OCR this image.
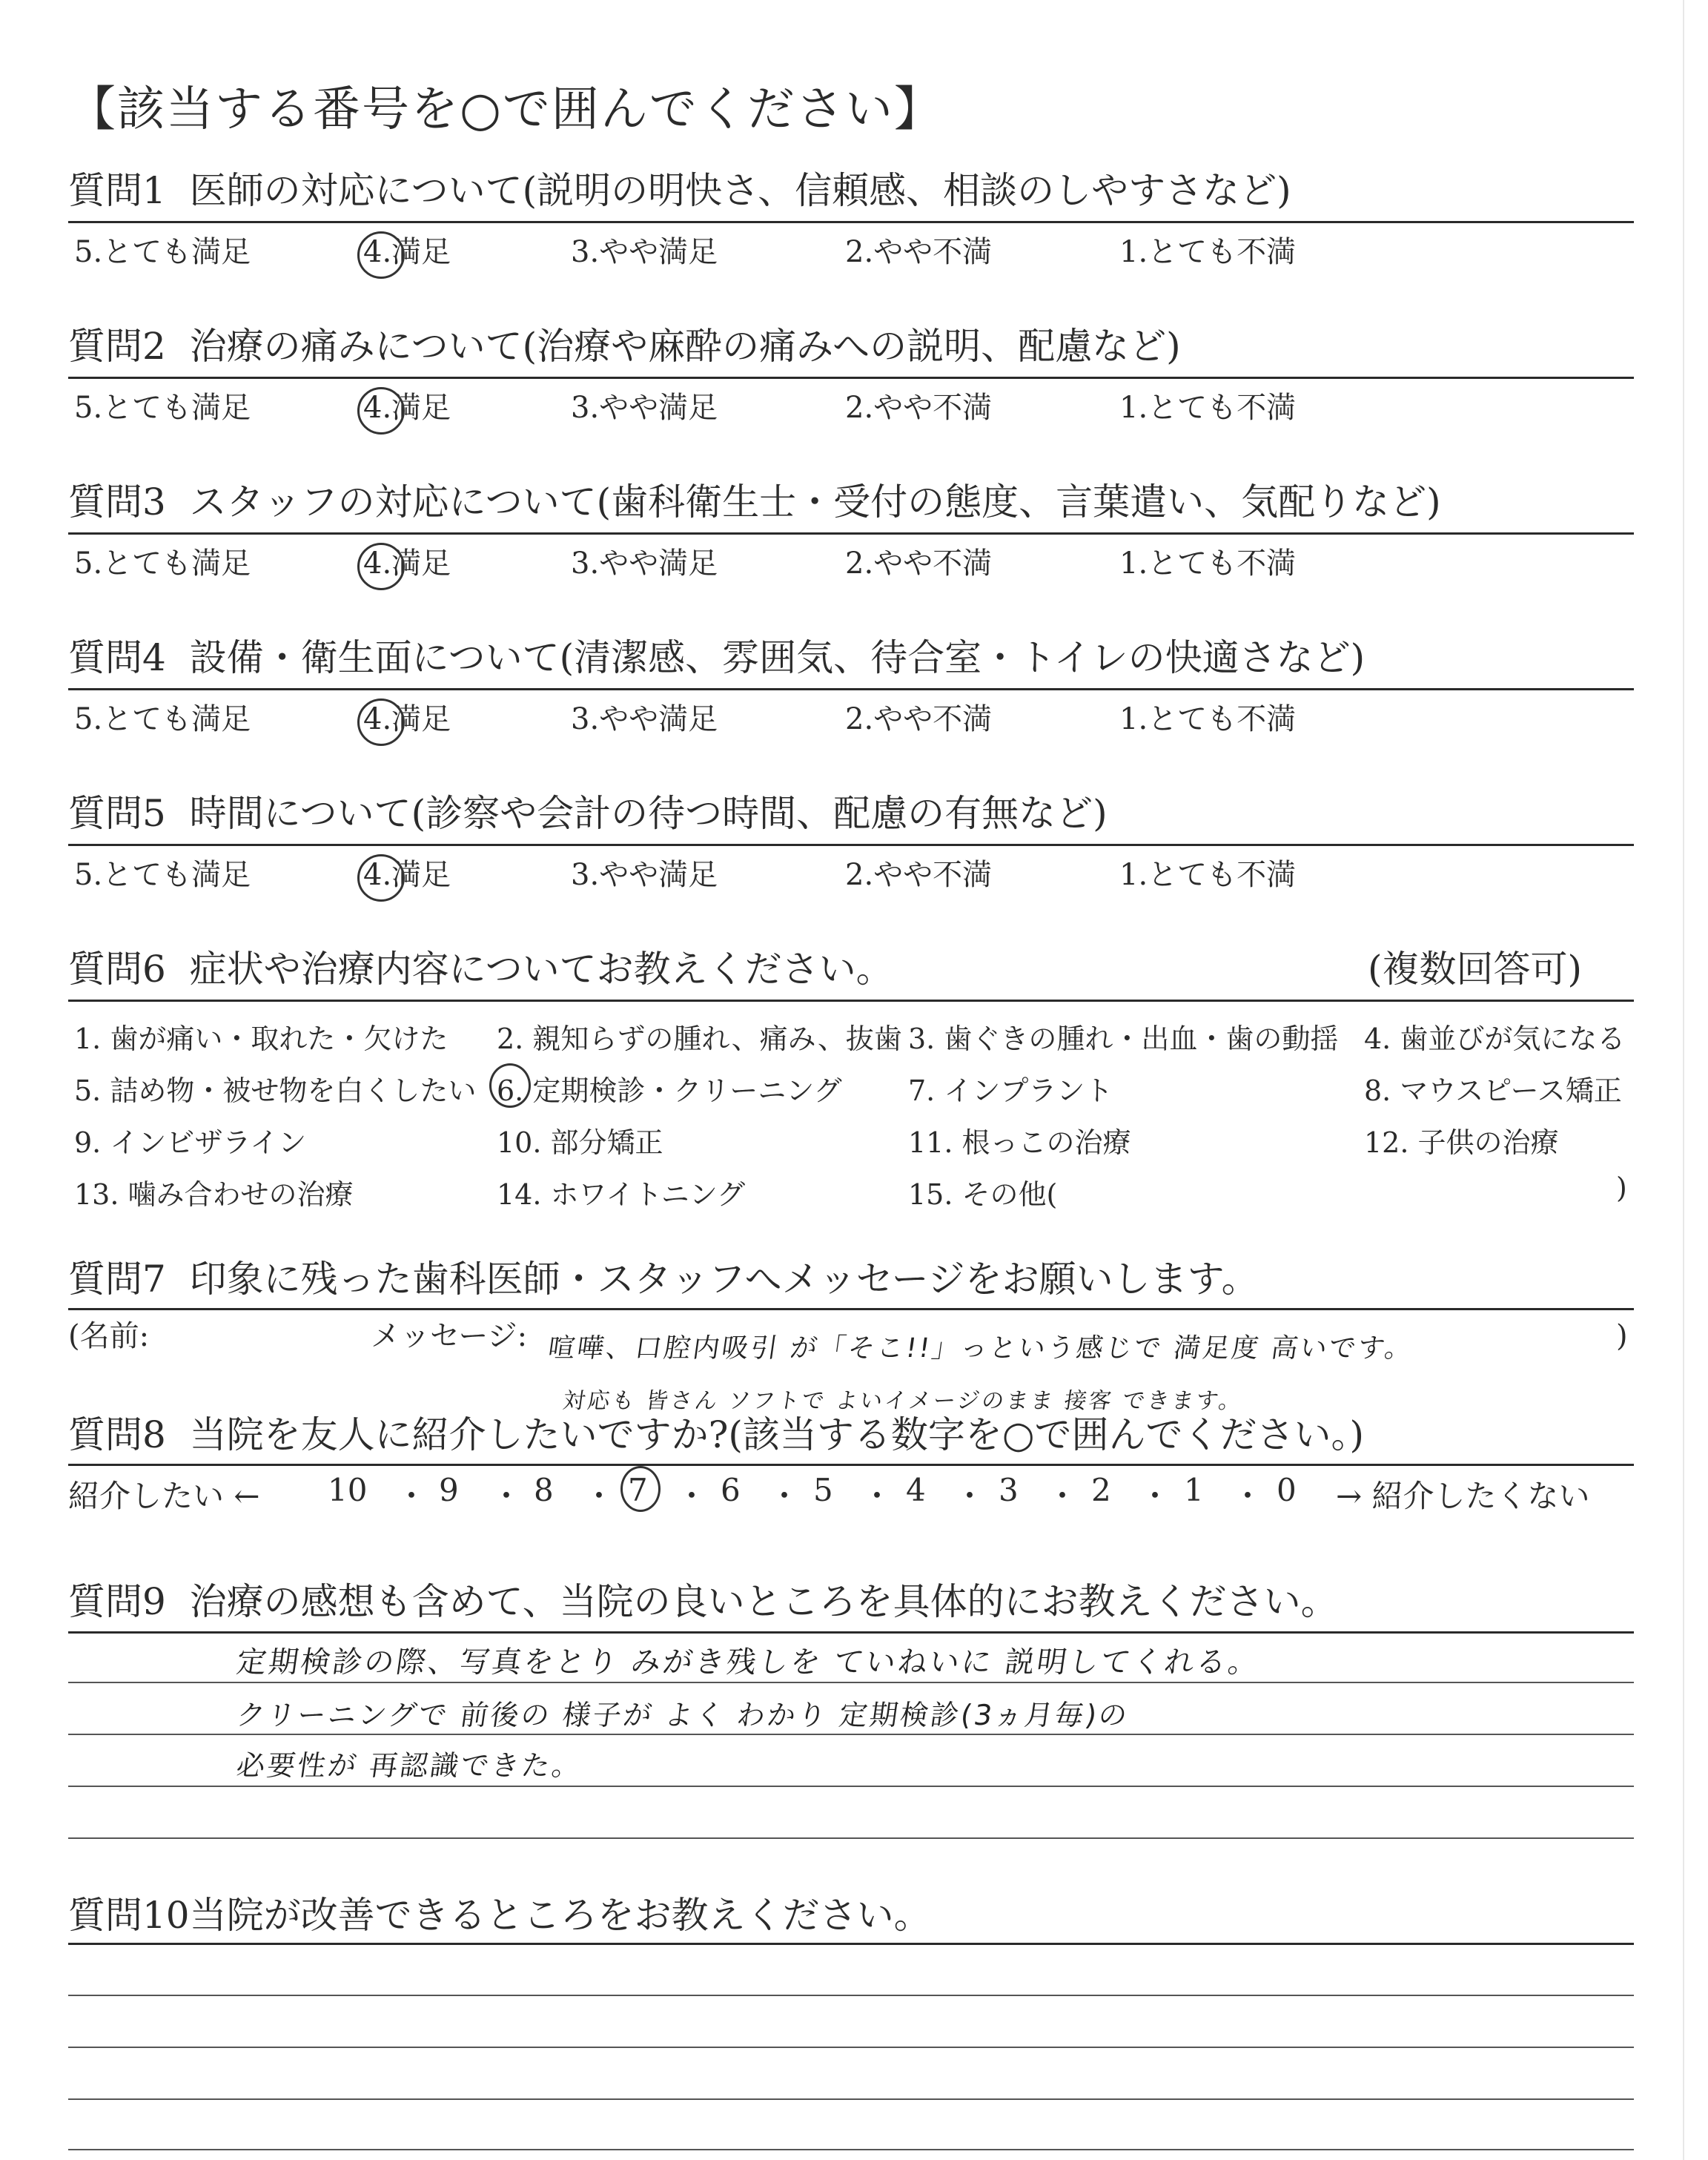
【該当する番号を○で囲んでください】
質問1 医師の対応について(説明の明快さ、信頼感、相談のしやすさなど)
5.とても満足	4.満足	3.やや満足	2.やや不満	1.とても不満
質問2 治療の痛みについて(治療や麻酔の痛みへの説明、配慮など)
5.とても満足	4.満足	3.やや満足	2.やや不満	1.とても不満
質問3 スタッフの対応について(歯科衛生士・受付の態度、言葉遣い、気配りなど)
5.とても満足	4.満足	3.やや満足	2.やや不満	1.とても不満
質問4 設備・衛生面について(清潔感、雰囲気、待合室・トイレの快適さなど)
5.とても満足	4.満足	3.やや満足	2.やや不満	1.とても不満
質問5 時間について(診察や会計の待つ時間、配慮の有無など)
5.とても満足	4.満足	3.やや満足	2.やや不満	1.とても不満
質問6 症状や治療内容についてお教えください。	(複数回答可)
1. 歯が痛い・取れた・欠けた 2. 親知らずの腫れ、痛み、抜歯 3. 歯ぐきの腫れ・出血・歯の動揺 4. 歯並びが気になる
5. 詰め物・被せ物を白くしたい 6. 定期検診・クリーニング 7. インプラント	8. マウスピース矯正
9. インビザライン	10. 部分矯正	11. 根っこの治療	12. 子供の治療
13. 噛み合わせの治療	14. ホワイトニング	15. その他(	)
質問7 印象に残った歯科医師・スタッフへメッセージをお願いします。
(名前:	メッセージ:	)
喧嘩、口腔内吸引 が「そこ!!」っという感じで 満足度 高いです。
対応も 皆さん ソフトで よいイメージのまま 接客 できます。
質問8 当院を友人に紹介したいですか?(該当する数字を○で囲んでください。)
紹介したい ← 10 ・ 9 ・ 8 ・ 7 ・ 6 ・ 5 ・ 4 ・ 3 ・ 2 ・ 1 ・ 0 → 紹介したくない
質問9 治療の感想も含めて、当院の良いところを具体的にお教えください。
定期検診の際、写真をとり みがき残しを ていねいに 説明してくれる。
クリーニングで 前後の 様子が よく わかり 定期検診(3ヵ月毎)の
必要性が 再認識できた。
質問10当院が改善できるところをお教えください。
